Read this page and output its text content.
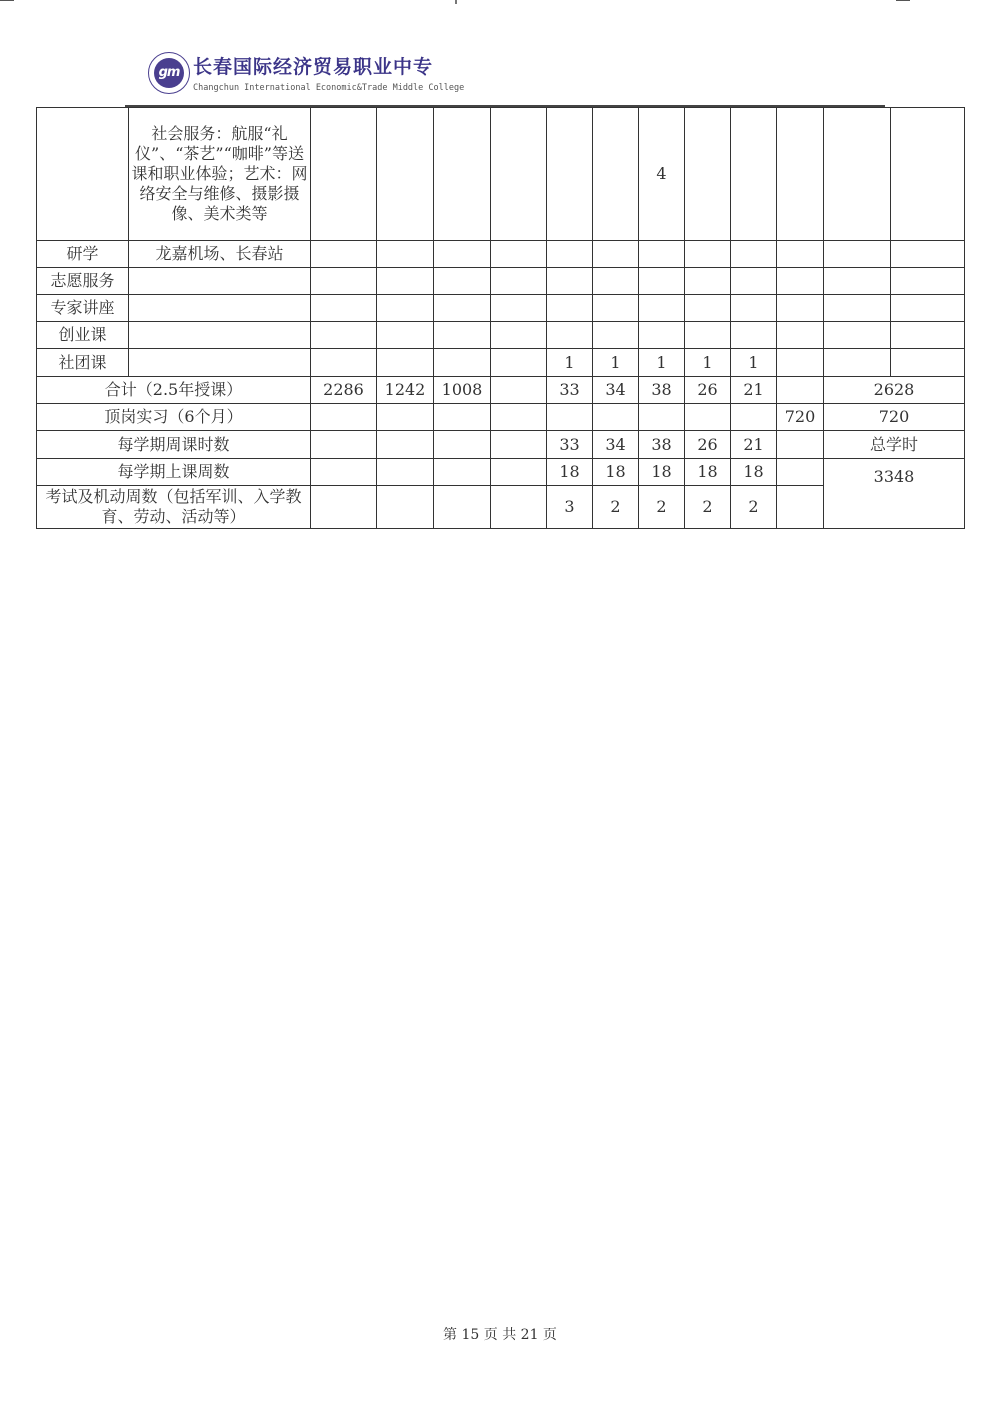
gm 长春国际经济贸易职业中专
Changchun International Economic&Trade Middle College
	社会服务：航服“礼仪”、“茶艺”“咖啡”等送课和职业体验；艺术：网络安全与维修、摄影摄像、美术类等							4					
研学	龙嘉机场、长春站												
志愿服务													
专家讲座													
创业课													
社团课						1	1	1	1	1			
合计（2.5年授课）		2286	1242	1008		33	34	38	26	21		2628	
顶岗实习（6个月）											720	720	
每学期周课时数						33	34	38	26	21		总学时	
每学期上课周数						18	18	18	18	18		3348	
考试及机动周数（包括军训、入学教育、劳动、活动等）						3	2	2	2	2			
第 15 页 共 21 页
